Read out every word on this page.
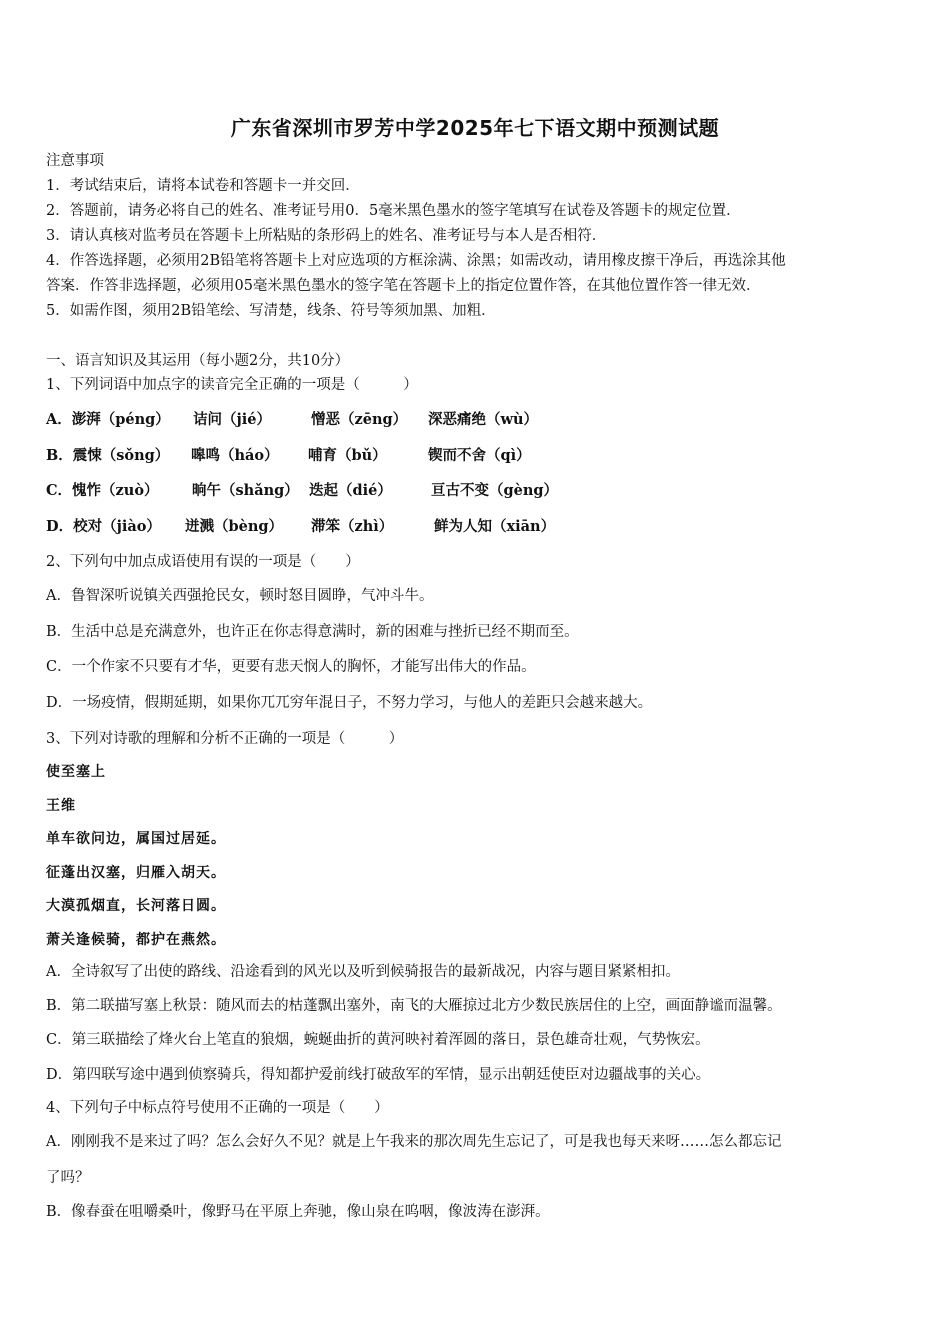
广东省深圳市罗芳中学2025年七下语文期中预测试题
注意事项
1．考试结束后，请将本试卷和答题卡一并交回．
2．答题前，请务必将自己的姓名、准考证号用0．5毫米黑色墨水的签字笔填写在试卷及答题卡的规定位置．
3．请认真核对监考员在答题卡上所粘贴的条形码上的姓名、准考证号与本人是否相符．
4．作答选择题，必须用2B铅笔将答题卡上对应选项的方框涂满、涂黑；如需改动，请用橡皮擦干净后，再选涂其他
答案．作答非选择题，必须用05毫米黑色墨水的签字笔在答题卡上的指定位置作答，在其他位置作答一律无效．
5．如需作图，须用2B铅笔绘、写清楚，线条、符号等须加黑、加粗．
一、语言知识及其运用（每小题2分，共10分）
1、下列词语中加点字的读音完全正确的一项是（　　　）
A．澎湃（péng） 诘问（jié）	憎恶（zēng） 深恶痛绝（wù）
B．震悚（sǒng） 嗥鸣（háo） 哺育（bǔ）	锲而不舍（qì）
C．愧怍（zuò） 晌午（shǎng） 迭起（dié）	亘古不变（gèng）
D．校对（jiào） 迸溅（bèng） 滞笨（zhì）	鲜为人知（xiān）
2、下列句中加点成语使用有误的一项是（　　）
A．鲁智深听说镇关西强抢民女，顿时怒目圆睁，气冲斗牛。
B．生活中总是充满意外，也许正在你志得意满时，新的困难与挫折已经不期而至。
C．一个作家不只要有才华，更要有悲天悯人的胸怀，才能写出伟大的作品。
D．一场疫情，假期延期，如果你兀兀穷年混日子，不努力学习，与他人的差距只会越来越大。
3、下列对诗歌的理解和分析不正确的一项是（　　　）
使至塞上
王维
单车欲问边，属国过居延。
征蓬出汉塞，归雁入胡天。
大漠孤烟直，长河落日圆。
萧关逢候骑，都护在燕然。
A．全诗叙写了出使的路线、沿途看到的风光以及听到候骑报告的最新战况，内容与题目紧紧相扣。
B．第二联描写塞上秋景：随风而去的枯蓬飘出塞外，南飞的大雁掠过北方少数民族居住的上空，画面静谧而温馨。
C．第三联描绘了烽火台上笔直的狼烟，蜿蜒曲折的黄河映衬着浑圆的落日，景色雄奇壮观，气势恢宏。
D．第四联写途中遇到侦察骑兵，得知都护爱前线打破敌军的军情，显示出朝廷使臣对边疆战事的关心。
4、下列句子中标点符号使用不正确的一项是（　　）
A．刚刚我不是来过了吗？怎么会好久不见？就是上午我来的那次周先生忘记了，可是我也每天来呀……怎么都忘记
了吗？
B．像春蚕在咀嚼桑叶，像野马在平原上奔驰，像山泉在呜咽，像波涛在澎湃。
